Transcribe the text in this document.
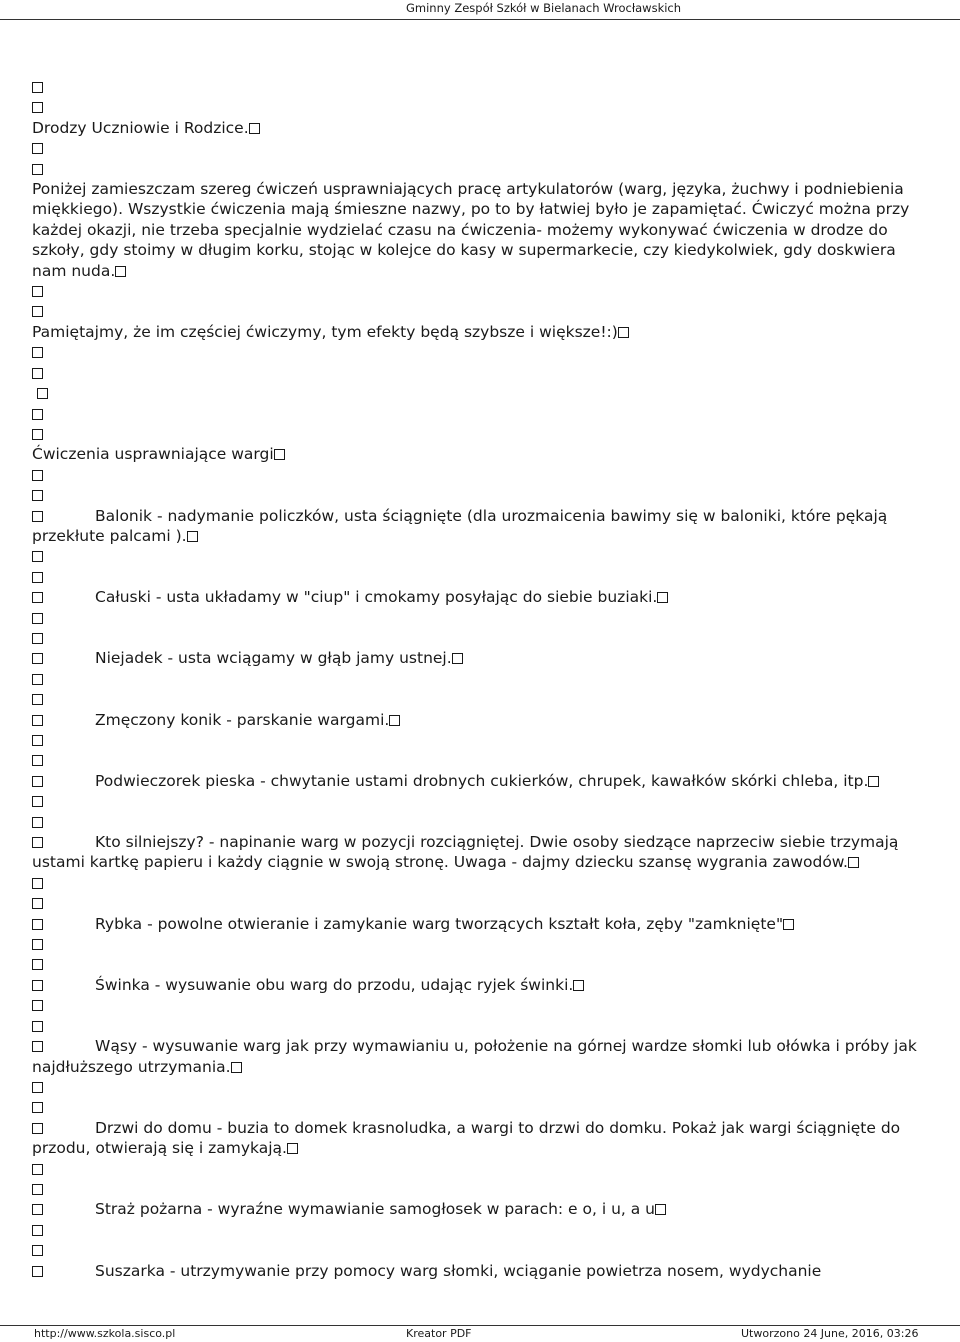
Gminny Zespół Szkół w Bielanach Wrocławskich
Drodzy Uczniowie i Rodzice.
Poniżej zamieszczam szereg ćwiczeń usprawniających pracę artykulatorów (warg, języka, żuchwy i podniebienia miękkiego). Wszystkie ćwiczenia mają śmieszne nazwy, po to by łatwiej było je zapamiętać. Ćwiczyć można przy każdej okazji, nie trzeba specjalnie wydzielać czasu na ćwiczenia- możemy wykonywać ćwiczenia w drodze do szkoły, gdy stoimy w długim korku, stojąc w kolejce do kasy w supermarkecie, czy kiedykolwiek, gdy doskwiera nam nuda.
Pamiętajmy, że im częściej ćwiczymy, tym efekty będą szybsze i większe!:)

Ćwiczenia usprawniające wargi
Balonik - nadymanie policzków, usta ściągnięte (dla urozmaicenia bawimy się w baloniki, które pękają przekłute palcami ).
Całuski - usta układamy w "ciup" i cmokamy posyłając do siebie buziaki.
Niejadek - usta wciągamy w głąb jamy ustnej.
Zmęczony konik - parskanie wargami.
Podwieczorek pieska - chwytanie ustami drobnych cukierków, chrupek, kawałków skórki chleba, itp.
Kto silniejszy? - napinanie warg w pozycji rozciągniętej. Dwie osoby siedzące naprzeciw siebie trzymają ustami kartkę papieru i każdy ciągnie w swoją stronę. Uwaga - dajmy dziecku szansę wygrania zawodów.
Rybka - powolne otwieranie i zamykanie warg tworzących kształt koła, zęby "zamknięte"
Świnka - wysuwanie obu warg do przodu, udając ryjek świnki.
Wąsy - wysuwanie warg jak przy wymawianiu u, położenie na górnej wardze słomki lub ołówka i próby jak najdłuższego utrzymania.
Drzwi do domu - buzia to domek krasnoludka, a wargi to drzwi do domku. Pokaż jak wargi ściągnięte do przodu, otwierają się i zamykają.
Straż pożarna - wyraźne wymawianie samogłosek w parach: e o, i u, a u
Suszarka - utrzymywanie przy pomocy warg słomki, wciąganie powietrza nosem, wydychanie
http://www.szkola.sisco.pl	Kreator PDF	Utworzono 24 June, 2016, 03:26
